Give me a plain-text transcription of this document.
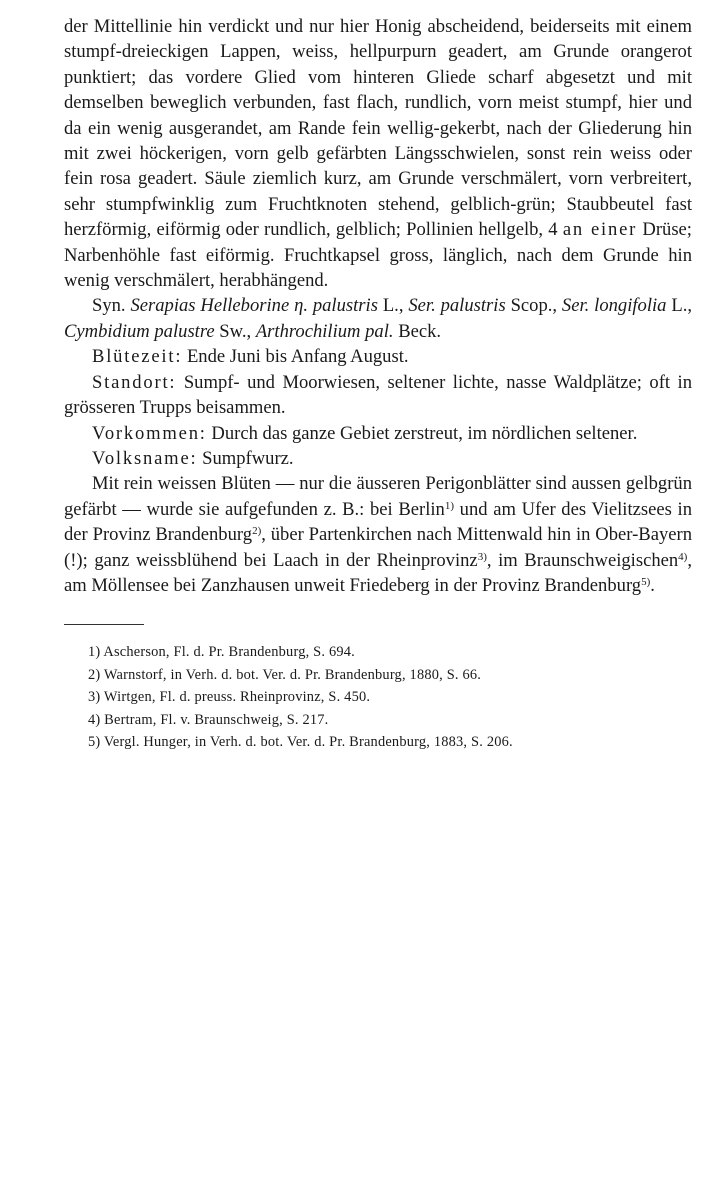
der Mittellinie hin verdickt und nur hier Honig abscheidend, beiderseits mit einem stumpf-dreieckigen Lappen, weiss, hellpurpurn geadert, am Grunde orangerot punktiert; das vordere Glied vom hinteren Gliede scharf abgesetzt und mit demselben beweglich verbunden, fast flach, rundlich, vorn meist stumpf, hier und da ein wenig ausgerandet, am Rande fein wellig-gekerbt, nach der Gliederung hin mit zwei höckerigen, vorn gelb gefärbten Längsschwielen, sonst rein weiss oder fein rosa geadert. Säule ziemlich kurz, am Grunde verschmälert, vorn verbreitert, sehr stumpfwinklig zum Fruchtknoten stehend, gelblich-grün; Staubbeutel fast herzförmig, eiförmig oder rundlich, gelblich; Pollinien hellgelb, 4 an einer Drüse; Narbenhöhle fast eiförmig. Fruchtkapsel gross, länglich, nach dem Grunde hin wenig verschmälert, herabhängend.

Syn. Serapias Helleborine η. palustris L., Ser. palustris Scop., Ser. longifolia L., Cymbidium palustre Sw., Arthrochilium pal. Beck.

Blütezeit: Ende Juni bis Anfang August.

Standort: Sumpf- und Moorwiesen, seltener lichte, nasse Waldplätze; oft in grösseren Trupps beisammen.

Vorkommen: Durch das ganze Gebiet zerstreut, im nördlichen seltener.

Volksname: Sumpfwurz.

Mit rein weissen Blüten — nur die äusseren Perigonblätter sind aussen gelbgrün gefärbt — wurde sie aufgefunden z. B.: bei Berlin$^{1)}$ und am Ufer des Vielitzsees in der Provinz Brandenburg$^{2)}$, über Partenkirchen nach Mittenwald hin in Ober-Bayern (!); ganz weissblühend bei Laach in der Rheinprovinz$^{3)}$, im Braunschweigischen$^{4)}$, am Möllensee bei Zanzhausen unweit Friedeberg in der Provinz Brandenburg$^{5)}$.

1) Ascherson, Fl. d. Pr. Brandenburg, S. 694.
2) Warnstorf, in Verh. d. bot. Ver. d. Pr. Brandenburg, 1880, S. 66.
3) Wirtgen, Fl. d. preuss. Rheinprovinz, S. 450.
4) Bertram, Fl. v. Braunschweig, S. 217.
5) Vergl. Hunger, in Verh. d. bot. Ver. d. Pr. Brandenburg, 1883, S. 206.
